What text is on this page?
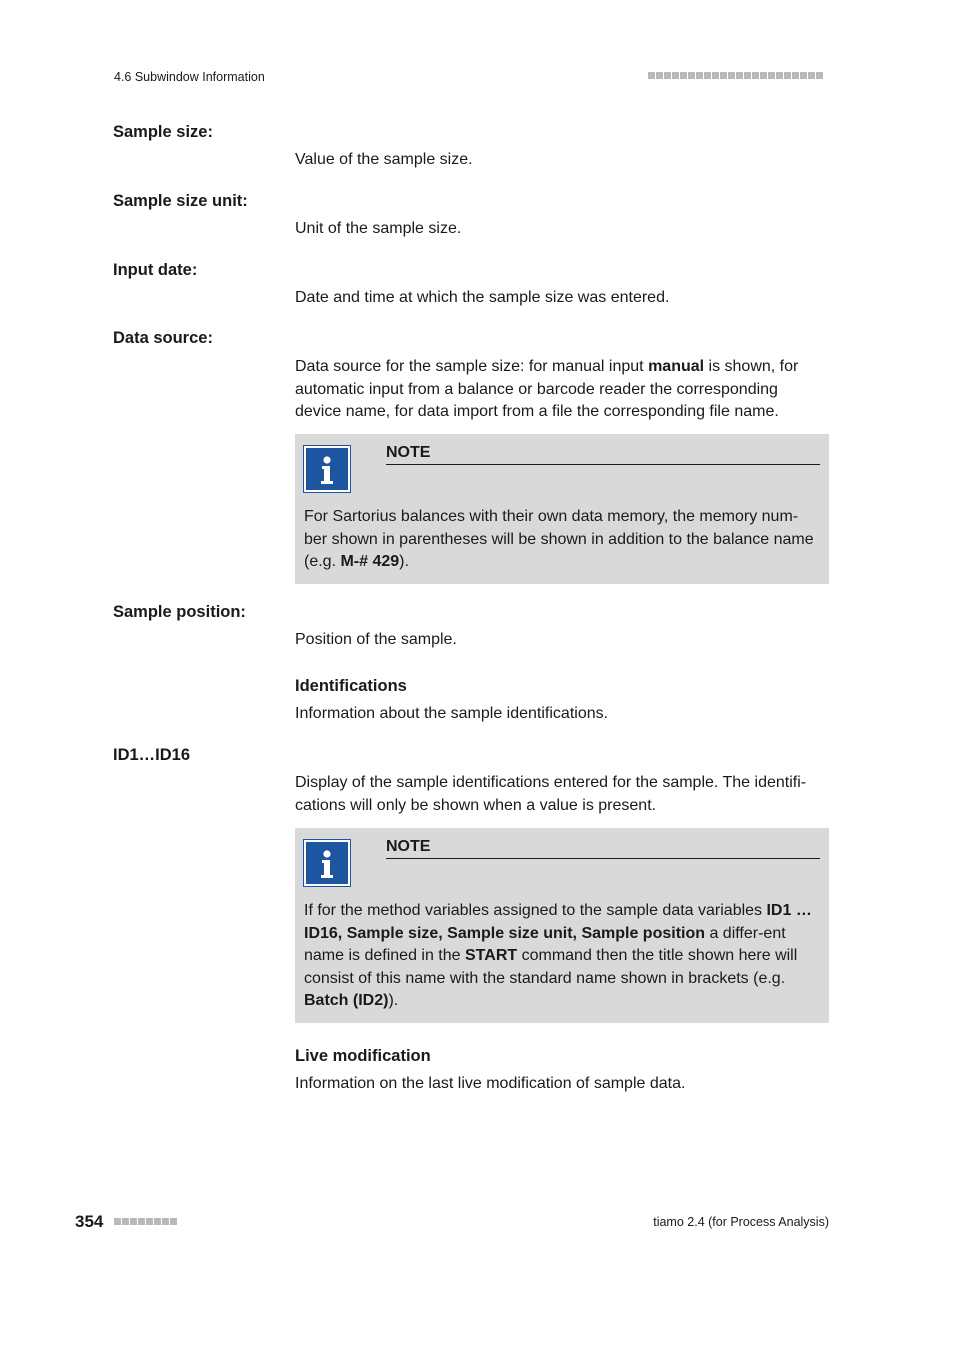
4.6 Subwindow Information
Sample size:
Value of the sample size.
Sample size unit:
Unit of the sample size.
Input date:
Date and time at which the sample size was entered.
Data source:
Data source for the sample size: for manual input manual is shown, for automatic input from a balance or barcode reader the corresponding device name, for data import from a file the corresponding file name.
NOTE
For Sartorius balances with their own data memory, the memory num-ber shown in parentheses will be shown in addition to the balance name (e.g. M-# 429).
Sample position:
Position of the sample.
Identifications
Information about the sample identifications.
ID1…ID16
Display of the sample identifications entered for the sample. The identifi-cations will only be shown when a value is present.
NOTE
If for the method variables assigned to the sample data variables ID1 … ID16, Sample size, Sample size unit, Sample position a differ-ent name is defined in the START command then the title shown here will consist of this name with the standard name shown in brackets (e.g. Batch (ID2)).
Live modification
Information on the last live modification of sample data.
354	tiamo 2.4 (for Process Analysis)
